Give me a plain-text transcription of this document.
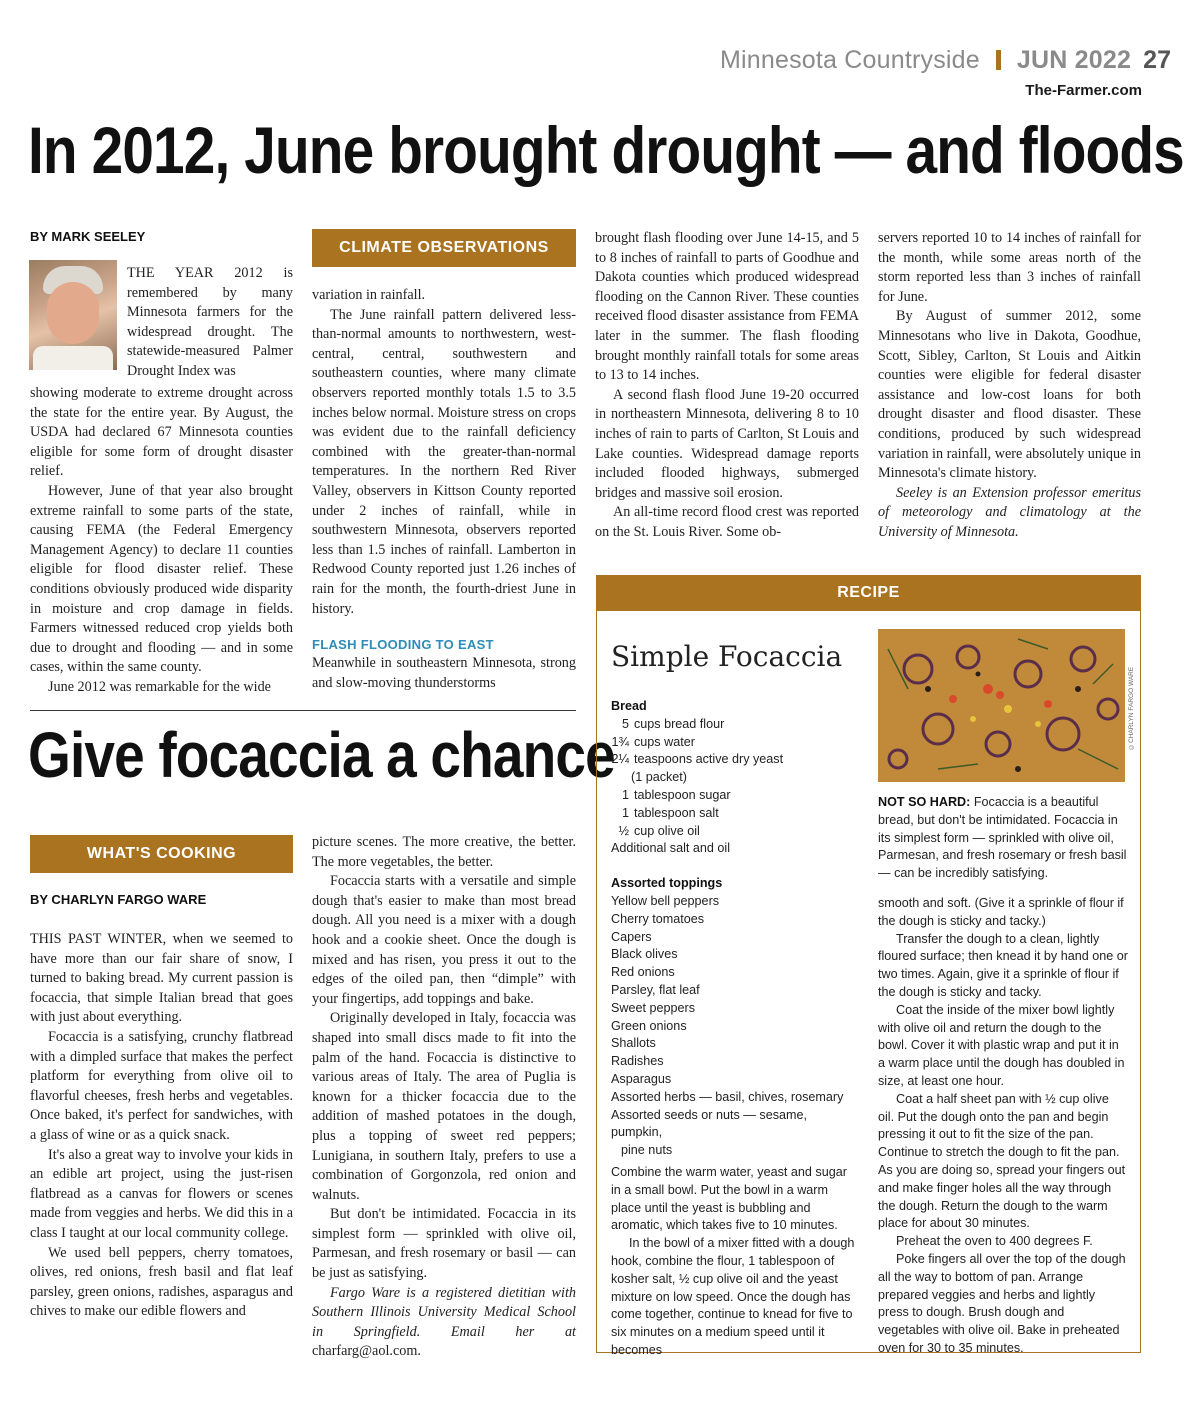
Minnesota Countryside JUN 2022 27
The-Farmer.com
In 2012, June brought drought — and floods
BY MARK SEELEY

THE YEAR 2012 is remembered by many Minnesota farmers for the widespread drought. The statewide-measured Palmer Drought Index was

showing moderate to extreme drought across the state for the entire year. By August, the USDA had declared 67 Minnesota counties eligible for some form of drought disaster relief.

However, June of that year also brought extreme rainfall to some parts of the state, causing FEMA (the Federal Emergency Management Agency) to declare 11 counties eligible for flood disaster relief. These conditions obviously produced wide disparity in moisture and crop damage in fields. Farmers witnessed reduced crop yields both due to drought and flooding — and in some cases, within the same county.

June 2012 was remarkable for the wide

CLIMATE OBSERVATIONS

variation in rainfall.

The June rainfall pattern delivered less-than-normal amounts to northwestern, west-central, central, southwestern and southeastern counties, where many climate observers reported monthly totals 1.5 to 3.5 inches below normal. Moisture stress on crops was evident due to the rainfall deficiency combined with the greater-than-normal temperatures. In the northern Red River Valley, observers in Kittson County reported under 2 inches of rainfall, while in southwestern Minnesota, observers reported less than 1.5 inches of rainfall. Lamberton in Redwood County reported just 1.26 inches of rain for the month, the fourth-driest June in history.

FLASH FLOODING TO EAST

Meanwhile in southeastern Minnesota, strong and slow-moving thunderstorms

brought flash flooding over June 14-15, and 5 to 8 inches of rainfall to parts of Goodhue and Dakota counties which produced widespread flooding on the Cannon River. These counties received flood disaster assistance from FEMA later in the summer. The flash flooding brought monthly rainfall totals for some areas to 13 to 14 inches.

A second flash flood June 19-20 occurred in northeastern Minnesota, delivering 8 to 10 inches of rain to parts of Carlton, St Louis and Lake counties. Widespread damage reports included flooded highways, submerged bridges and massive soil erosion.

An all-time record flood crest was reported on the St. Louis River. Some ob-

servers reported 10 to 14 inches of rainfall for the month, while some areas north of the storm reported less than 3 inches of rainfall for June.

By August of summer 2012, some Minnesotans who live in Dakota, Goodhue, Scott, Sibley, Carlton, St Louis and Aitkin counties were eligible for federal disaster assistance and low-cost loans for both drought disaster and flood disaster. These conditions, produced by such widespread variation in rainfall, were absolutely unique in Minnesota's climate history.

Seeley is an Extension professor emeritus of meteorology and climatology at the University of Minnesota.

Give focaccia a chance
WHAT'S COOKING
BY CHARLYN FARGO WARE

THIS PAST WINTER, when we seemed to have more than our fair share of snow, I turned to baking bread. My current passion is focaccia, that simple Italian bread that goes with just about everything.

Focaccia is a satisfying, crunchy flatbread with a dimpled surface that makes the perfect platform for everything from olive oil to flavorful cheeses, fresh herbs and vegetables. Once baked, it's perfect for sandwiches, with a glass of wine or as a quick snack.

It's also a great way to involve your kids in an edible art project, using the just-risen flatbread as a canvas for flowers or scenes made from veggies and herbs. We did this in a class I taught at our local community college.

We used bell peppers, cherry tomatoes, olives, red onions, fresh basil and flat leaf parsley, green onions, radishes, asparagus and chives to make our edible flowers and

picture scenes. The more creative, the better. The more vegetables, the better.

Focaccia starts with a versatile and simple dough that's easier to make than most bread dough. All you need is a mixer with a dough hook and a cookie sheet. Once the dough is mixed and has risen, you press it out to the edges of the oiled pan, then “dimple” with your fingertips, add toppings and bake.

Originally developed in Italy, focaccia was shaped into small discs made to fit into the palm of the hand. Focaccia is distinctive to various areas of Italy. The area of Puglia is known for a thicker focaccia due to the addition of mashed potatoes in the dough, plus a topping of sweet red peppers; Lunigiana, in southern Italy, prefers to use a combination of Gorgonzola, red onion and walnuts.

But don't be intimidated. Focaccia in its simplest form — sprinkled with olive oil, Parmesan, and fresh rosemary or basil — can be just as satisfying.

Fargo Ware is a registered dietitian with Southern Illinois University Medical School in Springfield. Email her at charfarg@aol.com.

RECIPE
Simple Focaccia
Bread
5 cups bread flour
1¾ cups water
2¼ teaspoons active dry yeast
(1 packet)
1 tablespoon sugar
1 tablespoon salt
½ cup olive oil
Additional salt and oil
Assorted toppings
Yellow bell peppers
Cherry tomatoes
Capers
Black olives
Red onions
Parsley, flat leaf
Sweet peppers
Green onions
Shallots
Radishes
Asparagus
Assorted herbs — basil, chives, rosemary
Assorted seeds or nuts — sesame, pumpkin,
pine nuts

Combine the warm water, yeast and sugar in a small bowl. Put the bowl in a warm place until the yeast is bubbling and aromatic, which takes five to 10 minutes.

In the bowl of a mixer fitted with a dough hook, combine the flour, 1 tablespoon of kosher salt, ½ cup olive oil and the yeast mixture on low speed. Once the dough has come together, continue to knead for five to six minutes on a medium speed until it becomes

©CHARLYN FARGO WARE
NOT SO HARD: Focaccia is a beautiful bread, but don't be intimidated. Focaccia in its simplest form — sprinkled with olive oil, Parmesan, and fresh rosemary or fresh basil — can be incredibly satisfying.

smooth and soft. (Give it a sprinkle of flour if the dough is sticky and tacky.)

Transfer the dough to a clean, lightly floured surface; then knead it by hand one or two times. Again, give it a sprinkle of flour if the dough is sticky and tacky.

Coat the inside of the mixer bowl lightly with olive oil and return the dough to the bowl. Cover it with plastic wrap and put it in a warm place until the dough has doubled in size, at least one hour.

Coat a half sheet pan with ½ cup olive oil. Put the dough onto the pan and begin pressing it out to fit the size of the pan. Continue to stretch the dough to fit the pan. As you are doing so, spread your fingers out and make finger holes all the way through the dough. Return the dough to the warm place for about 30 minutes.

Preheat the oven to 400 degrees F.

Poke fingers all over the top of the dough all the way to bottom of pan. Arrange prepared veggies and herbs and lightly press to dough. Brush dough and vegetables with olive oil. Bake in preheated oven for 30 to 35 minutes.
